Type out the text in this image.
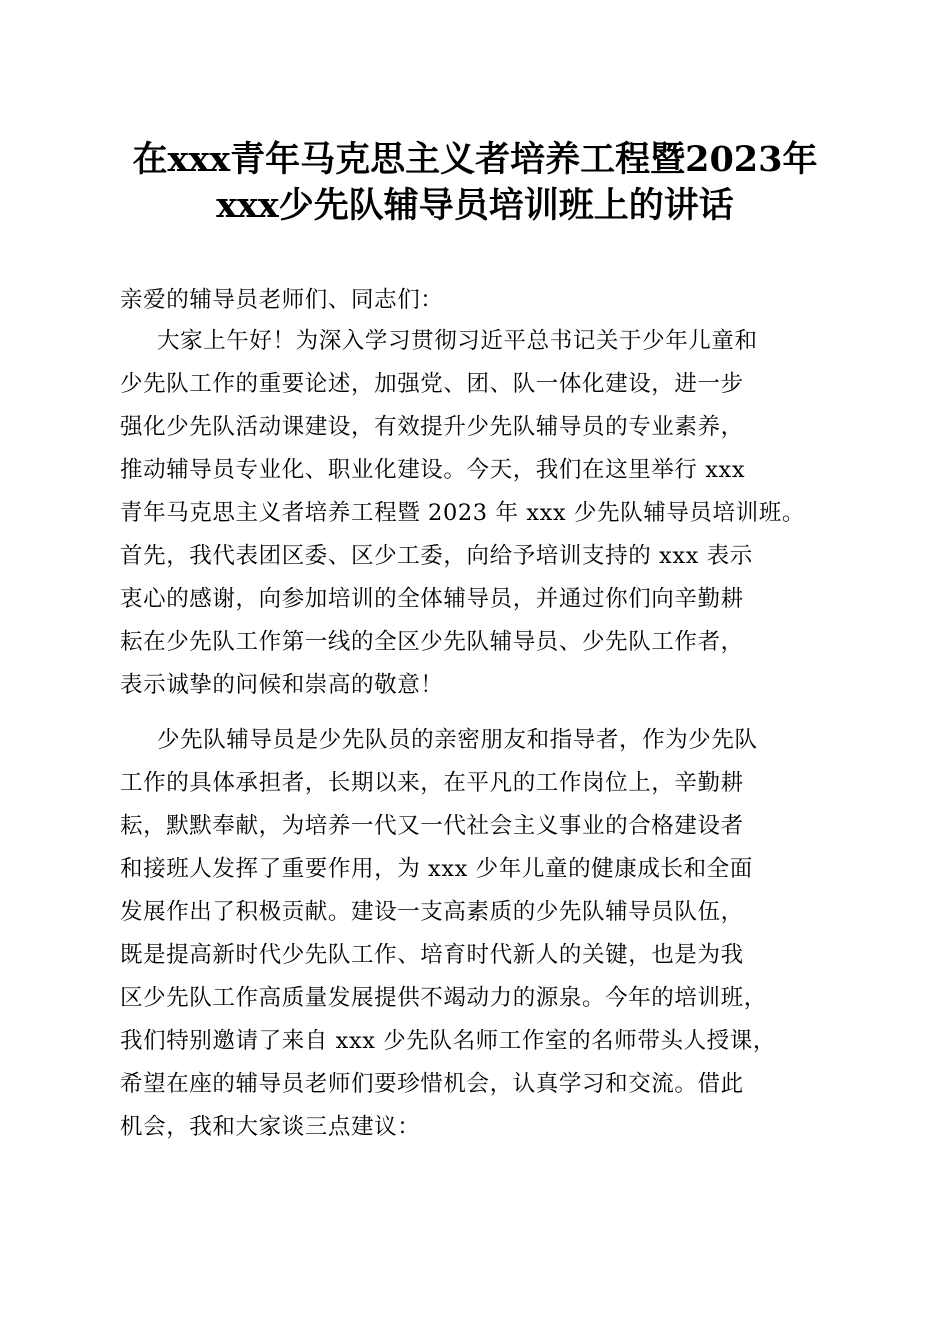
在xxx青年马克思主义者培养工程暨2023年
xxx少先队辅导员培训班上的讲话
亲爱的辅导员老师们、同志们：
大家上午好！为深入学习贯彻习近平总书记关于少年儿童和
少先队工作的重要论述，加强党、团、队一体化建设，进一步
强化少先队活动课建设，有效提升少先队辅导员的专业素养，
推动辅导员专业化、职业化建设。今天，我们在这里举行 xxx
青年马克思主义者培养工程暨 2023 年 xxx 少先队辅导员培训班。
首先，我代表团区委、区少工委，向给予培训支持的 xxx 表示
衷心的感谢，向参加培训的全体辅导员，并通过你们向辛勤耕
耘在少先队工作第一线的全区少先队辅导员、少先队工作者，
表示诚挚的问候和崇高的敬意！
少先队辅导员是少先队员的亲密朋友和指导者，作为少先队
工作的具体承担者，长期以来，在平凡的工作岗位上，辛勤耕
耘，默默奉献，为培养一代又一代社会主义事业的合格建设者
和接班人发挥了重要作用，为 xxx 少年儿童的健康成长和全面
发展作出了积极贡献。建设一支高素质的少先队辅导员队伍，
既是提高新时代少先队工作、培育时代新人的关键，也是为我
区少先队工作高质量发展提供不竭动力的源泉。今年的培训班，
我们特别邀请了来自 xxx 少先队名师工作室的名师带头人授课，
希望在座的辅导员老师们要珍惜机会，认真学习和交流。借此
机会，我和大家谈三点建议：
